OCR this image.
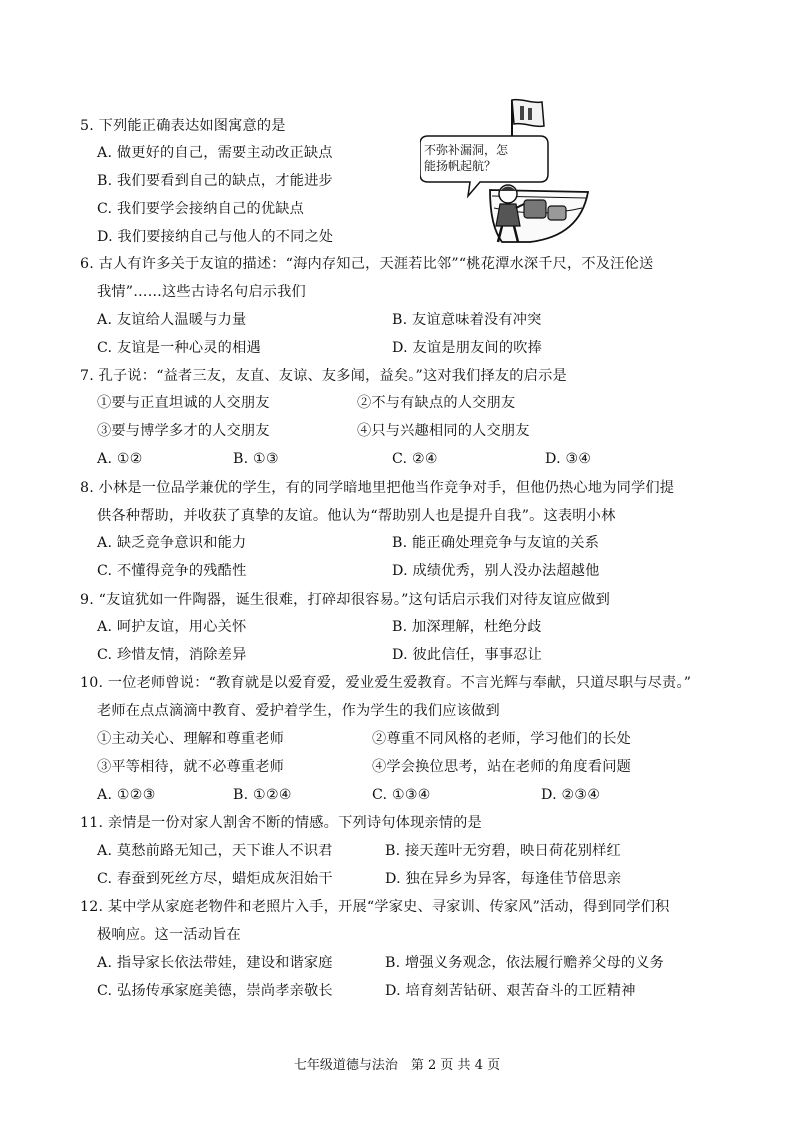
5. 下列能正确表达如图寓意的是
A. 做更好的自己，需要主动改正缺点
B. 我们要看到自己的缺点，才能进步
C. 我们要学会接纳自己的优缺点
D. 我们要接纳自己与他人的不同之处
不弥补漏洞，怎
能扬帆起航？
6. 古人有许多关于友谊的描述：“海内存知己，天涯若比邻”“桃花潭水深千尺，不及汪伦送
我情”……这些古诗名句启示我们
A. 友谊给人温暖与力量	B. 友谊意味着没有冲突
C. 友谊是一种心灵的相遇	D. 友谊是朋友间的吹捧
7. 孔子说：“益者三友，友直、友谅、友多闻，益矣。”这对我们择友的启示是
①要与正直坦诚的人交朋友	②不与有缺点的人交朋友
③要与博学多才的人交朋友	④只与兴趣相同的人交朋友
A. ①②	B. ①③	C. ②④	D. ③④
8. 小林是一位品学兼优的学生，有的同学暗地里把他当作竞争对手，但他仍热心地为同学们提
供各种帮助，并收获了真挚的友谊。他认为“帮助别人也是提升自我”。这表明小林
A. 缺乏竞争意识和能力	B. 能正确处理竞争与友谊的关系
C. 不懂得竞争的残酷性	D. 成绩优秀，别人没办法超越他
9. “友谊犹如一件陶器，诞生很难，打碎却很容易。”这句话启示我们对待友谊应做到
A. 呵护友谊，用心关怀	B. 加深理解，杜绝分歧
C. 珍惜友情，消除差异	D. 彼此信任，事事忍让
10. 一位老师曾说：“教育就是以爱育爱，爱业爱生爱教育。不言光辉与奉献，只道尽职与尽责。”
老师在点点滴滴中教育、爱护着学生，作为学生的我们应该做到
①主动关心、理解和尊重老师	②尊重不同风格的老师，学习他们的长处
③平等相待，就不必尊重老师	④学会换位思考，站在老师的角度看问题
A. ①②③	B. ①②④	C. ①③④	D. ②③④
11. 亲情是一份对家人割舍不断的情感。下列诗句体现亲情的是
A. 莫愁前路无知己，天下谁人不识君	B. 接天莲叶无穷碧，映日荷花别样红
C. 春蚕到死丝方尽，蜡炬成灰泪始干	D. 独在异乡为异客，每逢佳节倍思亲
12. 某中学从家庭老物件和老照片入手，开展“学家史、寻家训、传家风”活动，得到同学们积
极响应。这一活动旨在
A. 指导家长依法带娃，建设和谐家庭	B. 增强义务观念，依法履行赡养父母的义务
C. 弘扬传承家庭美德，崇尚孝亲敬长	D. 培育刻苦钻研、艰苦奋斗的工匠精神
七年级道德与法治　第 2 页 共 4 页
